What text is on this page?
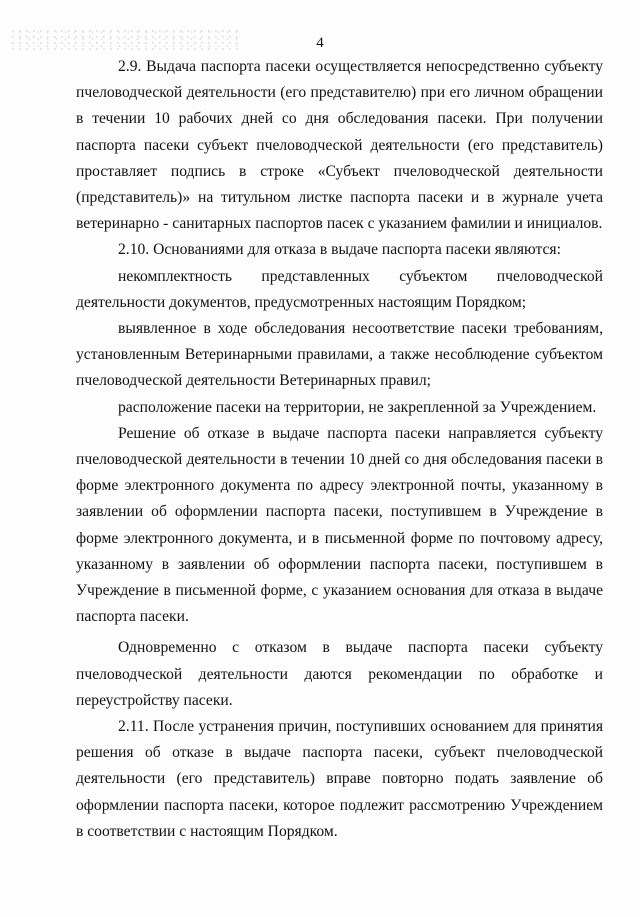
4

2.9. Выдача паспорта пасеки осуществляется непосредственно субъекту пчеловодческой деятельности (его представителю) при его личном обращении в течении 10 рабочих дней со дня обследования пасеки. При получении паспорта пасеки субъект пчеловодческой деятельности (его представитель) проставляет подпись в строке «Субъект пчеловодческой деятельности (представитель)» на титульном листке паспорта пасеки и в журнале учета ветеринарно - санитарных паспортов пасек с указанием фамилии и инициалов.

2.10. Основаниями для отказа в выдаче паспорта пасеки являются:

некомплектность представленных субъектом пчеловодческой деятельности документов, предусмотренных настоящим Порядком;

выявленное в ходе обследования несоответствие пасеки требованиям, установленным Ветеринарными правилами, а также несоблюдение субъектом пчеловодческой деятельности Ветеринарных правил;

расположение пасеки на территории, не закрепленной за Учреждением.

Решение об отказе в выдаче паспорта пасеки направляется субъекту пчеловодческой деятельности в течении 10 дней со дня обследования пасеки в форме электронного документа по адресу электронной почты, указанному в заявлении об оформлении паспорта пасеки, поступившем в Учреждение в форме электронного документа, и в письменной форме по почтовому адресу, указанному в заявлении об оформлении паспорта пасеки, поступившем в Учреждение в письменной форме, с указанием основания для отказа в выдаче паспорта пасеки.

Одновременно с отказом в выдаче паспорта пасеки субъекту пчеловодческой деятельности даются рекомендации по обработке и переустройству пасеки.

2.11. После устранения причин, поступивших основанием для принятия решения об отказе в выдаче паспорта пасеки, субъект пчеловодческой деятельности (его представитель) вправе повторно подать заявление об оформлении паспорта пасеки, которое подлежит рассмотрению Учреждением в соответствии с настоящим Порядком.
